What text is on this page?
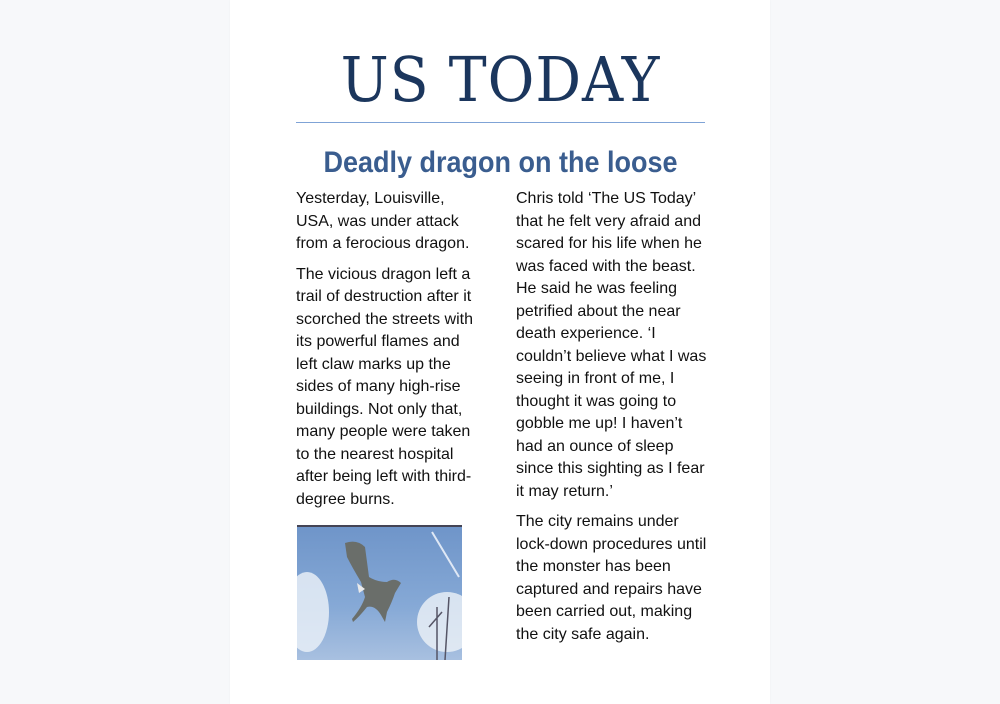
US TODAY
Deadly dragon on the loose

Yesterday, Louisville, USA, was under attack from a ferocious dragon.

The vicious dragon left a trail of destruction after it scorched the streets with its powerful flames and left claw marks up the sides of many high-rise buildings. Not only that, many people were taken to the nearest hospital after being left with third-degree burns.

Chris told ‘The US Today’ that he felt very afraid and scared for his life when he was faced with the beast. He said he was feeling petrified about the near death experience. ‘I couldn’t believe what I was seeing in front of me, I thought it was going to gobble me up! I haven’t had an ounce of sleep since this sighting as I fear it may return.’

The city remains under lock-down procedures until the monster has been captured and repairs have been carried out, making the city safe again.
